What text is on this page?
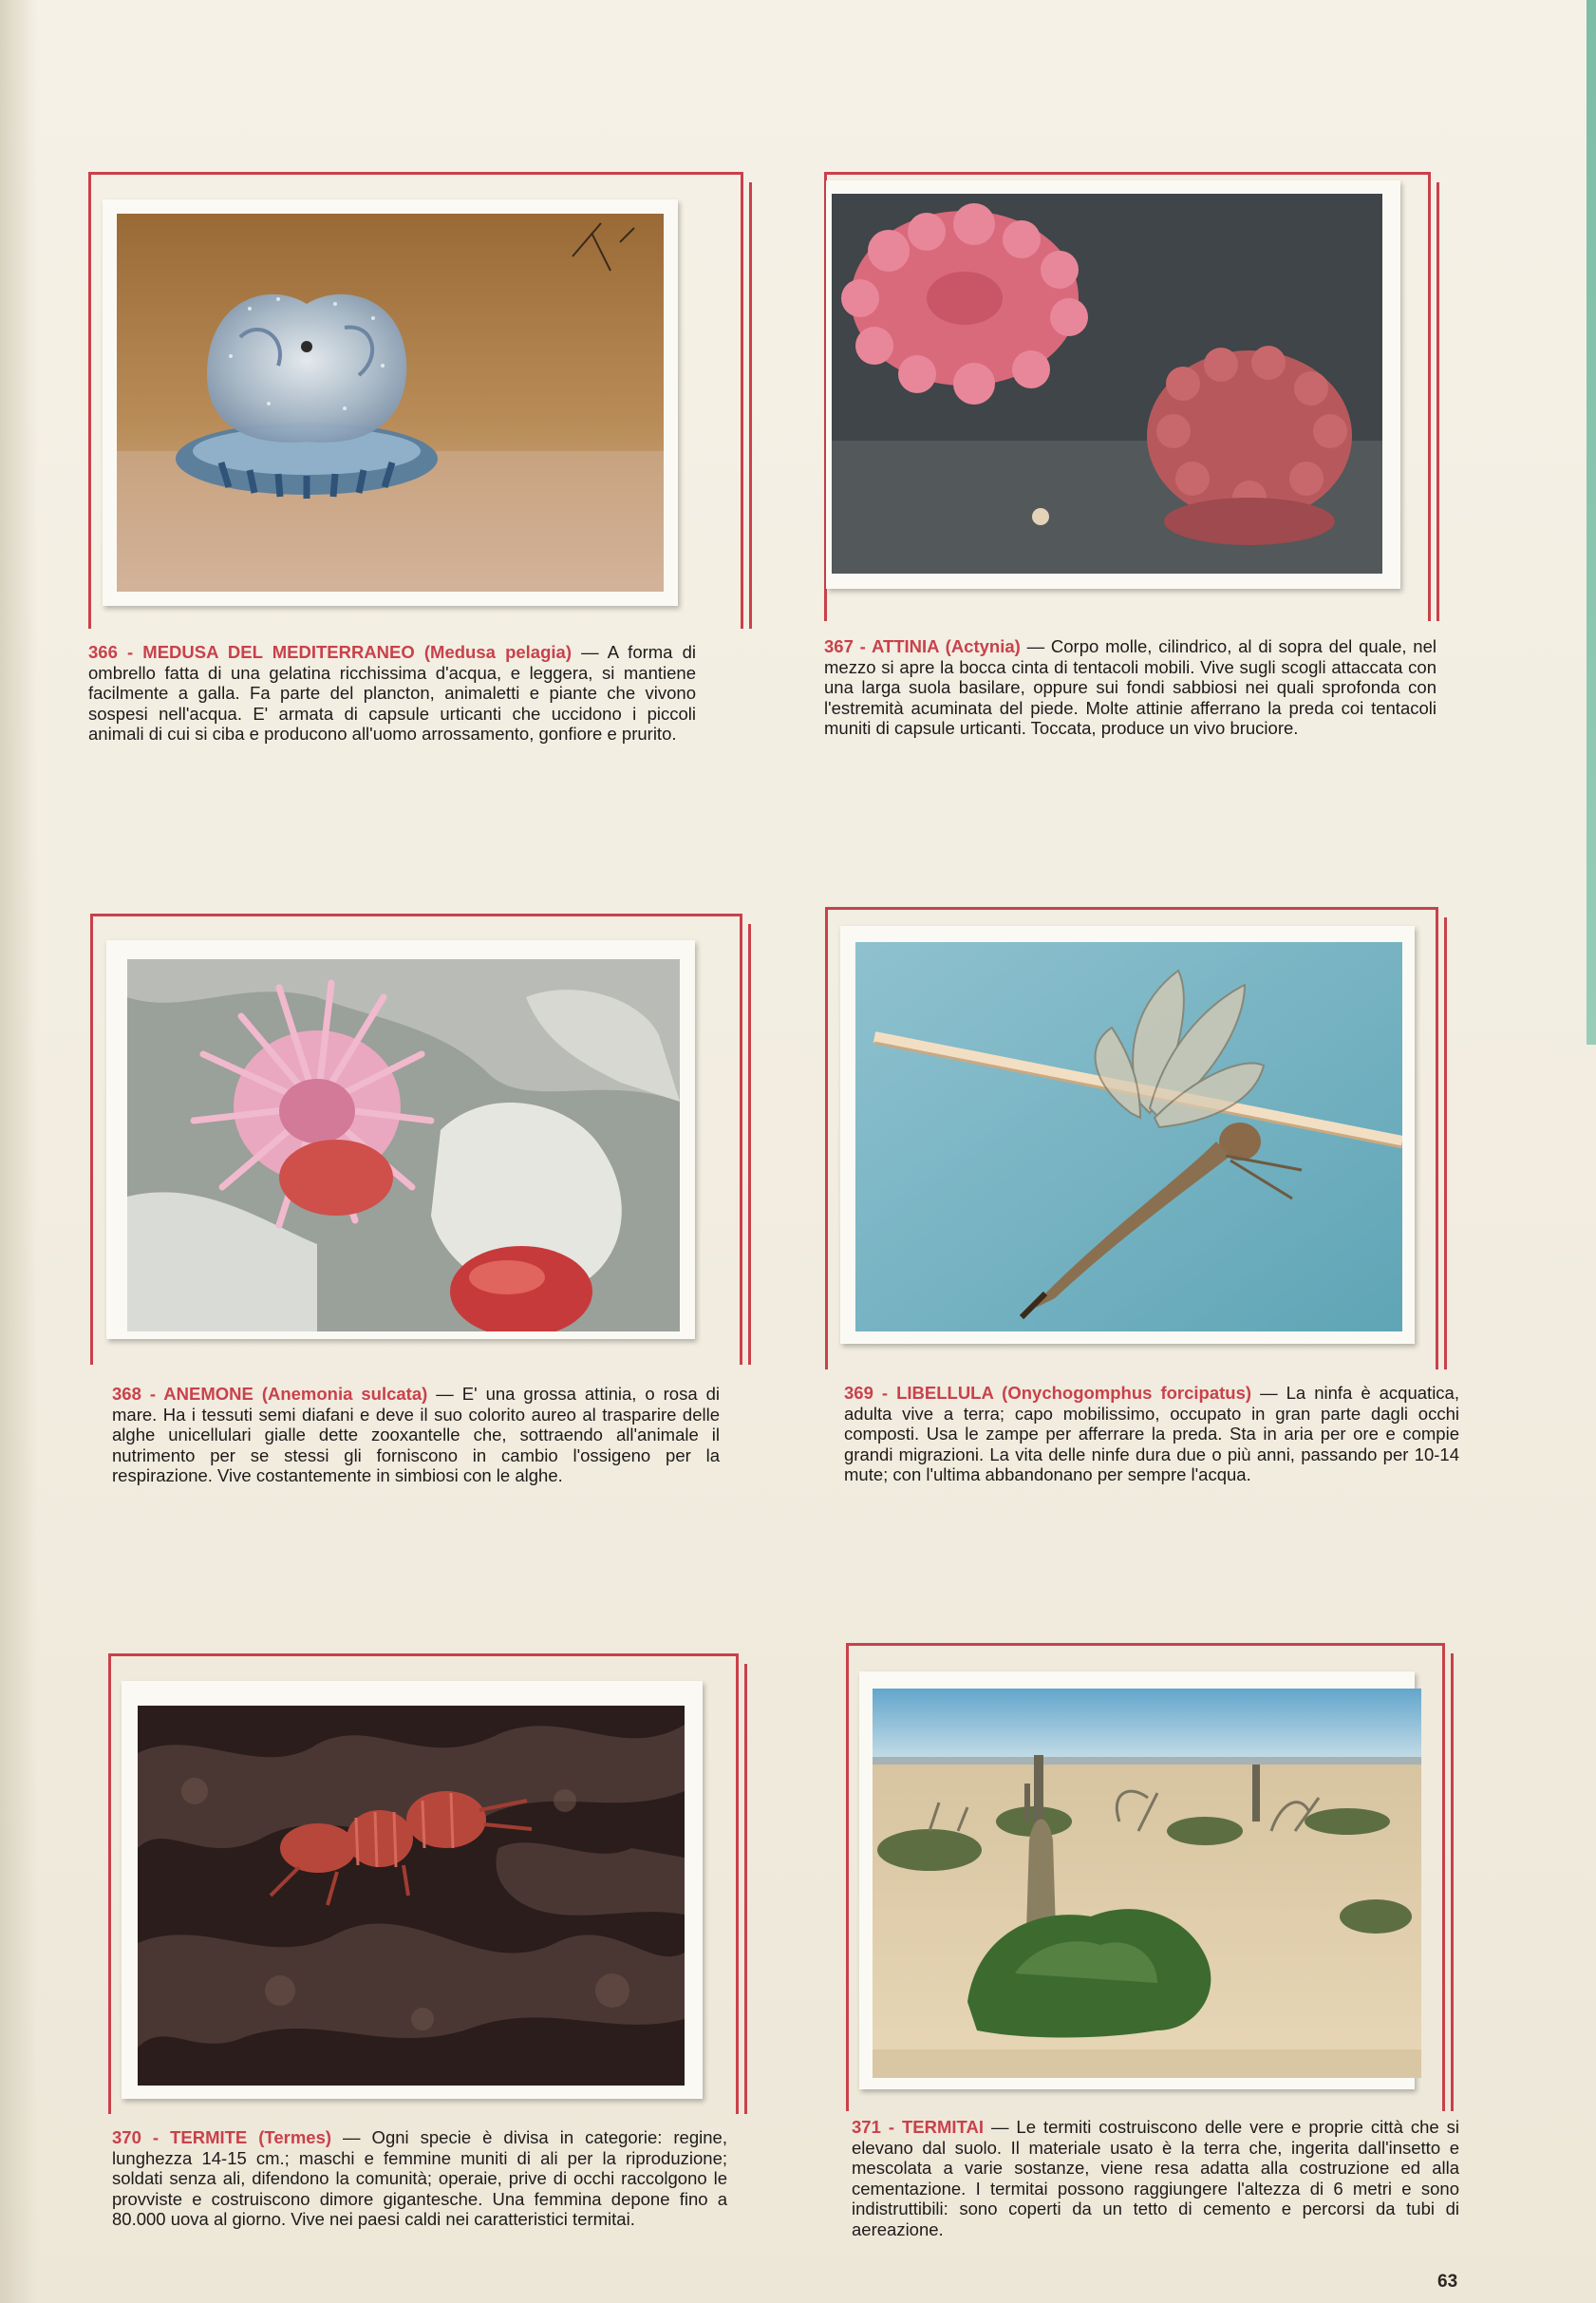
366 - MEDUSA DEL MEDITERRANEO (Medusa pelagia) — A forma di ombrello fatta di una gelatina ricchissima d'acqua, e leggera, si mantiene facilmente a galla. Fa parte del plancton, animaletti e piante che vivono sospesi nell'acqua. E' armata di capsule urticanti che uccidono i piccoli animali di cui si ciba e producono all'uomo arrossamento, gonfiore e prurito.

367 - ATTINIA (Actynia) — Corpo molle, cilindrico, al di sopra del quale, nel mezzo si apre la bocca cinta di tentacoli mobili. Vive sugli scogli attaccata con una larga suola basilare, oppure sui fondi sabbiosi nei quali sprofonda con l'estremità acuminata del piede. Molte attinie afferrano la preda coi tentacoli muniti di capsule urticanti. Toccata, produce un vivo bruciore.

368 - ANEMONE (Anemonia sulcata) — E' una grossa attinia, o rosa di mare. Ha i tessuti semi diafani e deve il suo colorito aureo al trasparire delle alghe unicellulari gialle dette zooxantelle che, sottraendo all'animale il nutrimento per se stessi gli forniscono in cambio l'ossigeno per la respirazione. Vive costantemente in simbiosi con le alghe.

369 - LIBELLULA (Onychogomphus forcipatus) — La ninfa è acquatica, adulta vive a terra; capo mobilissimo, occupato in gran parte dagli occhi composti. Usa le zampe per afferrare la preda. Sta in aria per ore e compie grandi migrazioni. La vita delle ninfe dura due o più anni, passando per 10-14 mute; con l'ultima abbandonano per sempre l'acqua.

370 - TERMITE (Termes) — Ogni specie è divisa in categorie: regine, lunghezza 14-15 cm.; maschi e femmine muniti di ali per la riproduzione; soldati senza ali, difendono la comunità; operaie, prive di occhi raccolgono le provviste e costruiscono dimore gigantesche. Una femmina depone fino a 80.000 uova al giorno. Vive nei paesi caldi nei caratteristici termitai.

371 - TERMITAI — Le termiti costruiscono delle vere e proprie città che si elevano dal suolo. Il materiale usato è la terra che, ingerita dall'insetto e mescolata a varie sostanze, viene resa adatta alla costruzione ed alla cementazione. I termitai possono raggiungere l'altezza di 6 metri e sono indistruttibili: sono coperti da un tetto di cemento e percorsi da tubi di aereazione.

63
